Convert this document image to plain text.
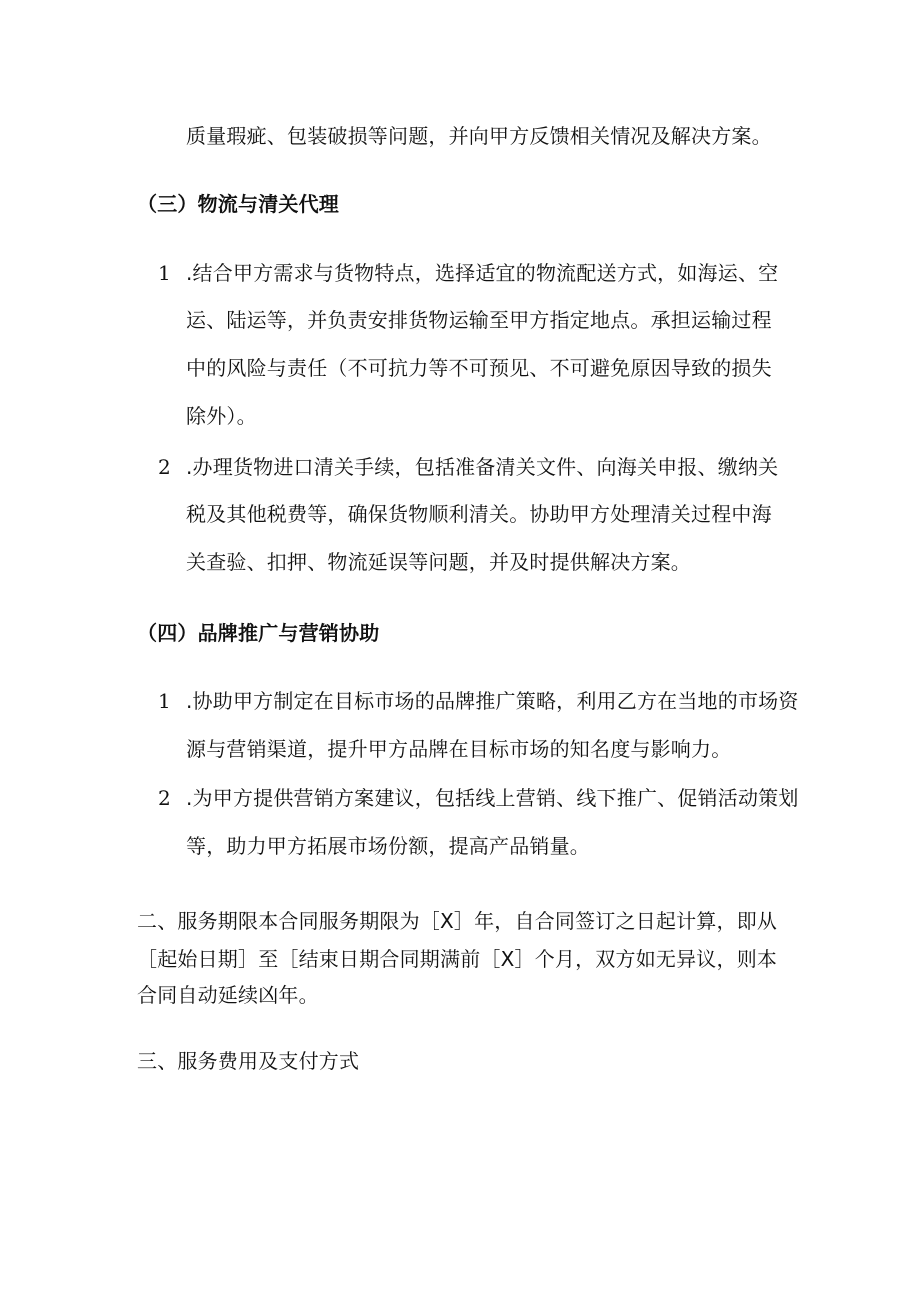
质量瑕疵、包装破损等问题，并向甲方反馈相关情况及解决方案。
（三）物流与清关代理
1 .结合甲方需求与货物特点，选择适宜的物流配送方式，如海运、空
运、陆运等，并负责安排货物运输至甲方指定地点。承担运输过程
中的风险与责任（不可抗力等不可预见、不可避免原因导致的损失
除外）。
2 .办理货物进口清关手续，包括准备清关文件、向海关申报、缴纳关
税及其他税费等，确保货物顺利清关。协助甲方处理清关过程中海
关查验、扣押、物流延误等问题，并及时提供解决方案。
（四）品牌推广与营销协助
1 .协助甲方制定在目标市场的品牌推广策略，利用乙方在当地的市场资
源与营销渠道，提升甲方品牌在目标市场的知名度与影响力。
2 .为甲方提供营销方案建议，包括线上营销、线下推广、促销活动策划
等，助力甲方拓展市场份额，提高产品销量。
二、服务期限本合同服务期限为［X］年，自合同签订之日起计算，即从
［起始日期］至［结束日期合同期满前［X］个月，双方如无异议，则本
合同自动延续凶年。
三、服务费用及支付方式
